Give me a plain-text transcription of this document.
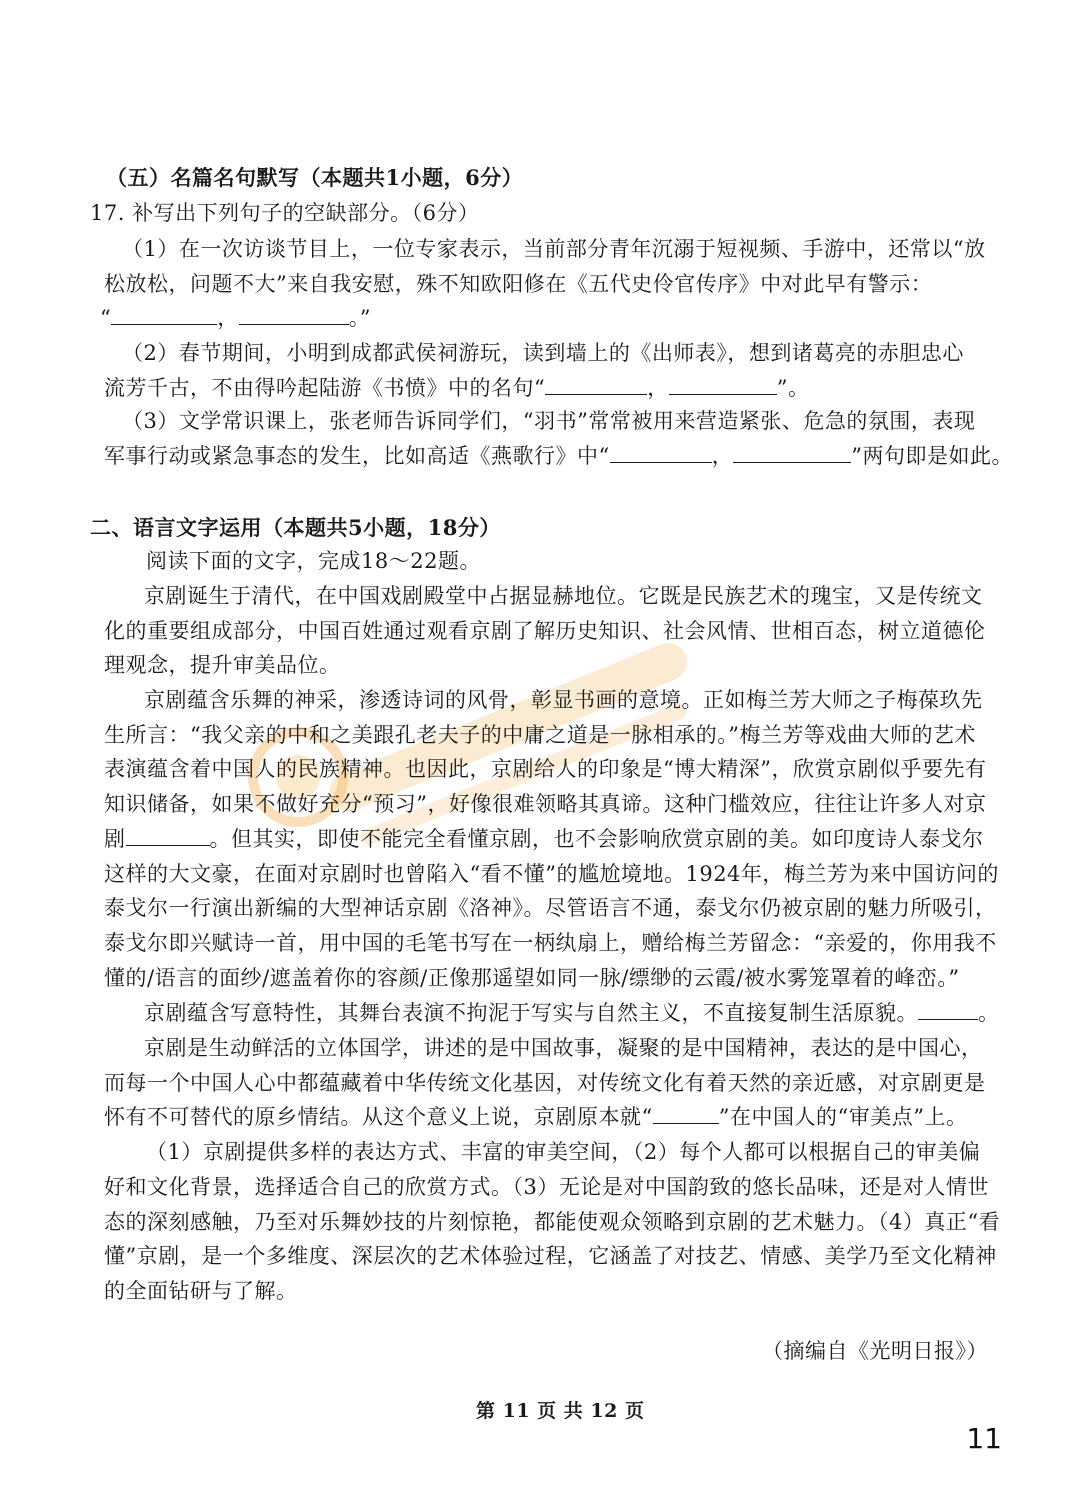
（五）名篇名句默写（本题共1小题，6分）
17. 补写出下列句子的空缺部分。（6分）
（1）在一次访谈节目上，一位专家表示，当前部分青年沉溺于短视频、手游中，还常以“放
松放松，问题不大”来自我安慰，殊不知欧阳修在《五代史伶官传序》中对此早有警示：
“	，	。”
（2）春节期间，小明到成都武侯祠游玩，读到墙上的《出师表》，想到诸葛亮的赤胆忠心
流芳千古，不由得吟起陆游《书愤》中的名句“	，	”。
（3）文学常识课上，张老师告诉同学们，“羽书”常常被用来营造紧张、危急的氛围，表现
军事行动或紧急事态的发生，比如高适《燕歌行》中“	，	”两句即是如此。
二、语言文字运用（本题共5小题，18分）
阅读下面的文字，完成18～22题。
京剧诞生于清代，在中国戏剧殿堂中占据显赫地位。它既是民族艺术的瑰宝，又是传统文
化的重要组成部分，中国百姓通过观看京剧了解历史知识、社会风情、世相百态，树立道德伦
理观念，提升审美品位。
京剧蕴含乐舞的神采，渗透诗词的风骨，彰显书画的意境。正如梅兰芳大师之子梅葆玖先
生所言：“我父亲的中和之美跟孔老夫子的中庸之道是一脉相承的。”梅兰芳等戏曲大师的艺术
表演蕴含着中国人的民族精神。也因此，京剧给人的印象是“博大精深”，欣赏京剧似乎要先有
知识储备，如果不做好充分“预习”，好像很难领略其真谛。这种门槛效应，往往让许多人对京
剧	。但其实，即使不能完全看懂京剧，也不会影响欣赏京剧的美。如印度诗人泰戈尔
这样的大文豪，在面对京剧时也曾陷入“看不懂”的尴尬境地。1924年，梅兰芳为来中国访问的
泰戈尔一行演出新编的大型神话京剧《洛神》。尽管语言不通，泰戈尔仍被京剧的魅力所吸引，
泰戈尔即兴赋诗一首，用中国的毛笔书写在一柄纨扇上，赠给梅兰芳留念：“亲爱的，你用我不
懂的/语言的面纱/遮盖着你的容颜/正像那遥望如同一脉/缥缈的云霞/被水雾笼罩着的峰峦。”
京剧蕴含写意特性，其舞台表演不拘泥于写实与自然主义，不直接复制生活原貌。	。
京剧是生动鲜活的立体国学，讲述的是中国故事，凝聚的是中国精神，表达的是中国心，
而每一个中国人心中都蕴藏着中华传统文化基因，对传统文化有着天然的亲近感，对京剧更是
怀有不可替代的原乡情结。从这个意义上说，京剧原本就“	”在中国人的“审美点”上。
（1）京剧提供多样的表达方式、丰富的审美空间，（2）每个人都可以根据自己的审美偏
好和文化背景，选择适合自己的欣赏方式。（3）无论是对中国韵致的悠长品味，还是对人情世
态的深刻感触，乃至对乐舞妙技的片刻惊艳，都能使观众领略到京剧的艺术魅力。（4）真正“看
懂”京剧，是一个多维度、深层次的艺术体验过程，它涵盖了对技艺、情感、美学乃至文化精神
的全面钻研与了解。
（摘编自《光明日报》）
第 11 页 共 12 页
11
